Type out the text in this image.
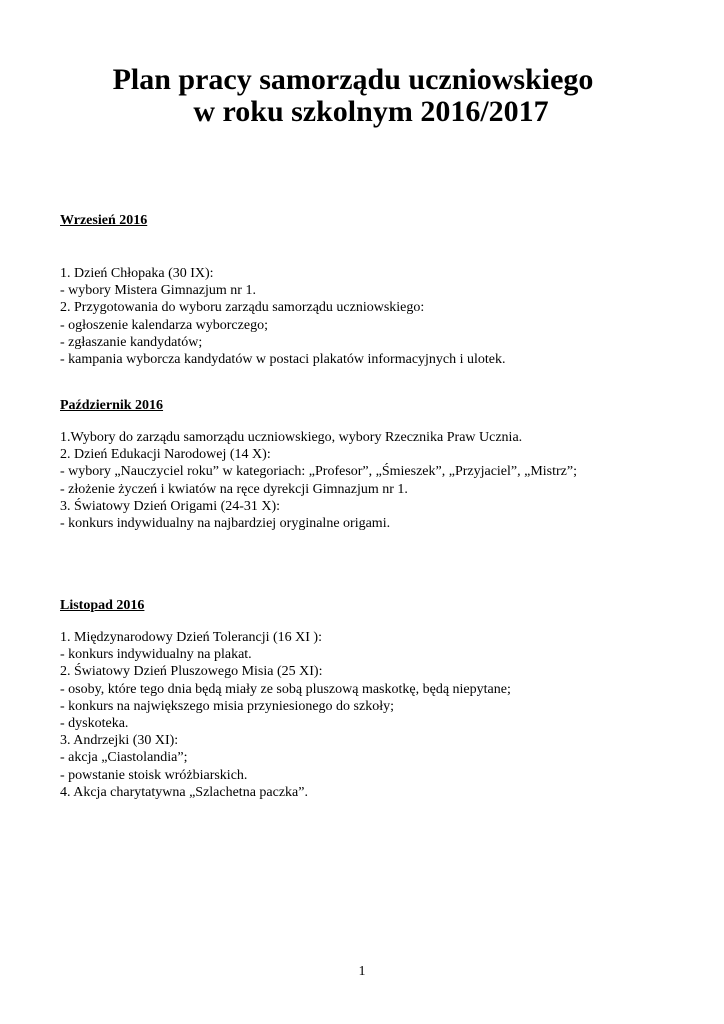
Plan pracy samorządu uczniowskiego
w roku szkolnym 2016/2017

Wrzesień 2016

1. Dzień Chłopaka (30 IX):
- wybory Mistera Gimnazjum nr 1.
2. Przygotowania do wyboru zarządu samorządu uczniowskiego:
- ogłoszenie kalendarza wyborczego;
- zgłaszanie kandydatów;
- kampania wyborcza kandydatów w postaci plakatów informacyjnych i ulotek.

Październik 2016

1.Wybory do zarządu samorządu uczniowskiego, wybory Rzecznika Praw Ucznia.
2. Dzień Edukacji Narodowej (14 X):
- wybory „Nauczyciel roku” w kategoriach: „Profesor”, „Śmieszek”, „Przyjaciel”, „Mistrz”;
- złożenie życzeń i kwiatów na ręce dyrekcji Gimnazjum nr 1.
3. Światowy Dzień Origami (24-31 X):
- konkurs indywidualny na najbardziej oryginalne origami.

Listopad 2016

1. Międzynarodowy Dzień Tolerancji (16 XI ):
- konkurs indywidualny na plakat.
2. Światowy Dzień Pluszowego Misia (25 XI):
- osoby, które tego dnia będą miały ze sobą pluszową maskotkę, będą niepytane;
- konkurs na największego misia przyniesionego do szkoły;
- dyskoteka.
3. Andrzejki (30 XI):
- akcja „Ciastolandia”;
- powstanie stoisk wróżbiarskich.
4. Akcja charytatywna „Szlachetna paczka”.
1
